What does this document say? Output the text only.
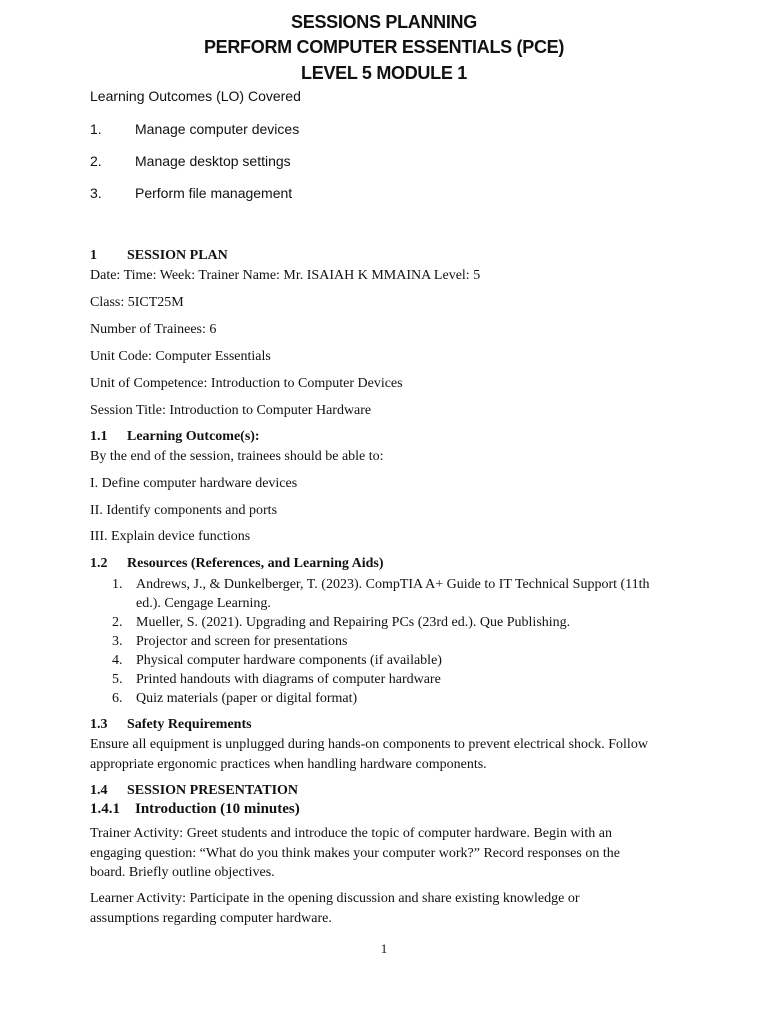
SESSIONS PLANNING
PERFORM COMPUTER ESSENTIALS (PCE)
LEVEL 5 MODULE 1
Learning Outcomes (LO) Covered
1. Manage computer devices
2. Manage desktop settings
3. Perform file management
1 SESSION PLAN
Date: Time: Week: Trainer Name: Mr. ISAIAH K MMAINA Level: 5
Class: 5ICT25M
Number of Trainees: 6
Unit Code: Computer Essentials
Unit of Competence: Introduction to Computer Devices
Session Title: Introduction to Computer Hardware
1.1 Learning Outcome(s):
By the end of the session, trainees should be able to:
I. Define computer hardware devices
II. Identify components and ports
III. Explain device functions
1.2 Resources (References, and Learning Aids)
1. Andrews, J., & Dunkelberger, T. (2023). CompTIA A+ Guide to IT Technical Support (11th
ed.). Cengage Learning.
2. Mueller, S. (2021). Upgrading and Repairing PCs (23rd ed.). Que Publishing.
3. Projector and screen for presentations
4. Physical computer hardware components (if available)
5. Printed handouts with diagrams of computer hardware
6. Quiz materials (paper or digital format)
1.3 Safety Requirements
Ensure all equipment is unplugged during hands-on components to prevent electrical shock. Follow
appropriate ergonomic practices when handling hardware components.
1.4 SESSION PRESENTATION
1.4.1 Introduction (10 minutes)
Trainer Activity: Greet students and introduce the topic of computer hardware. Begin with an
engaging question: “What do you think makes your computer work?” Record responses on the
board. Briefly outline objectives.
Learner Activity: Participate in the opening discussion and share existing knowledge or
assumptions regarding computer hardware.
1
